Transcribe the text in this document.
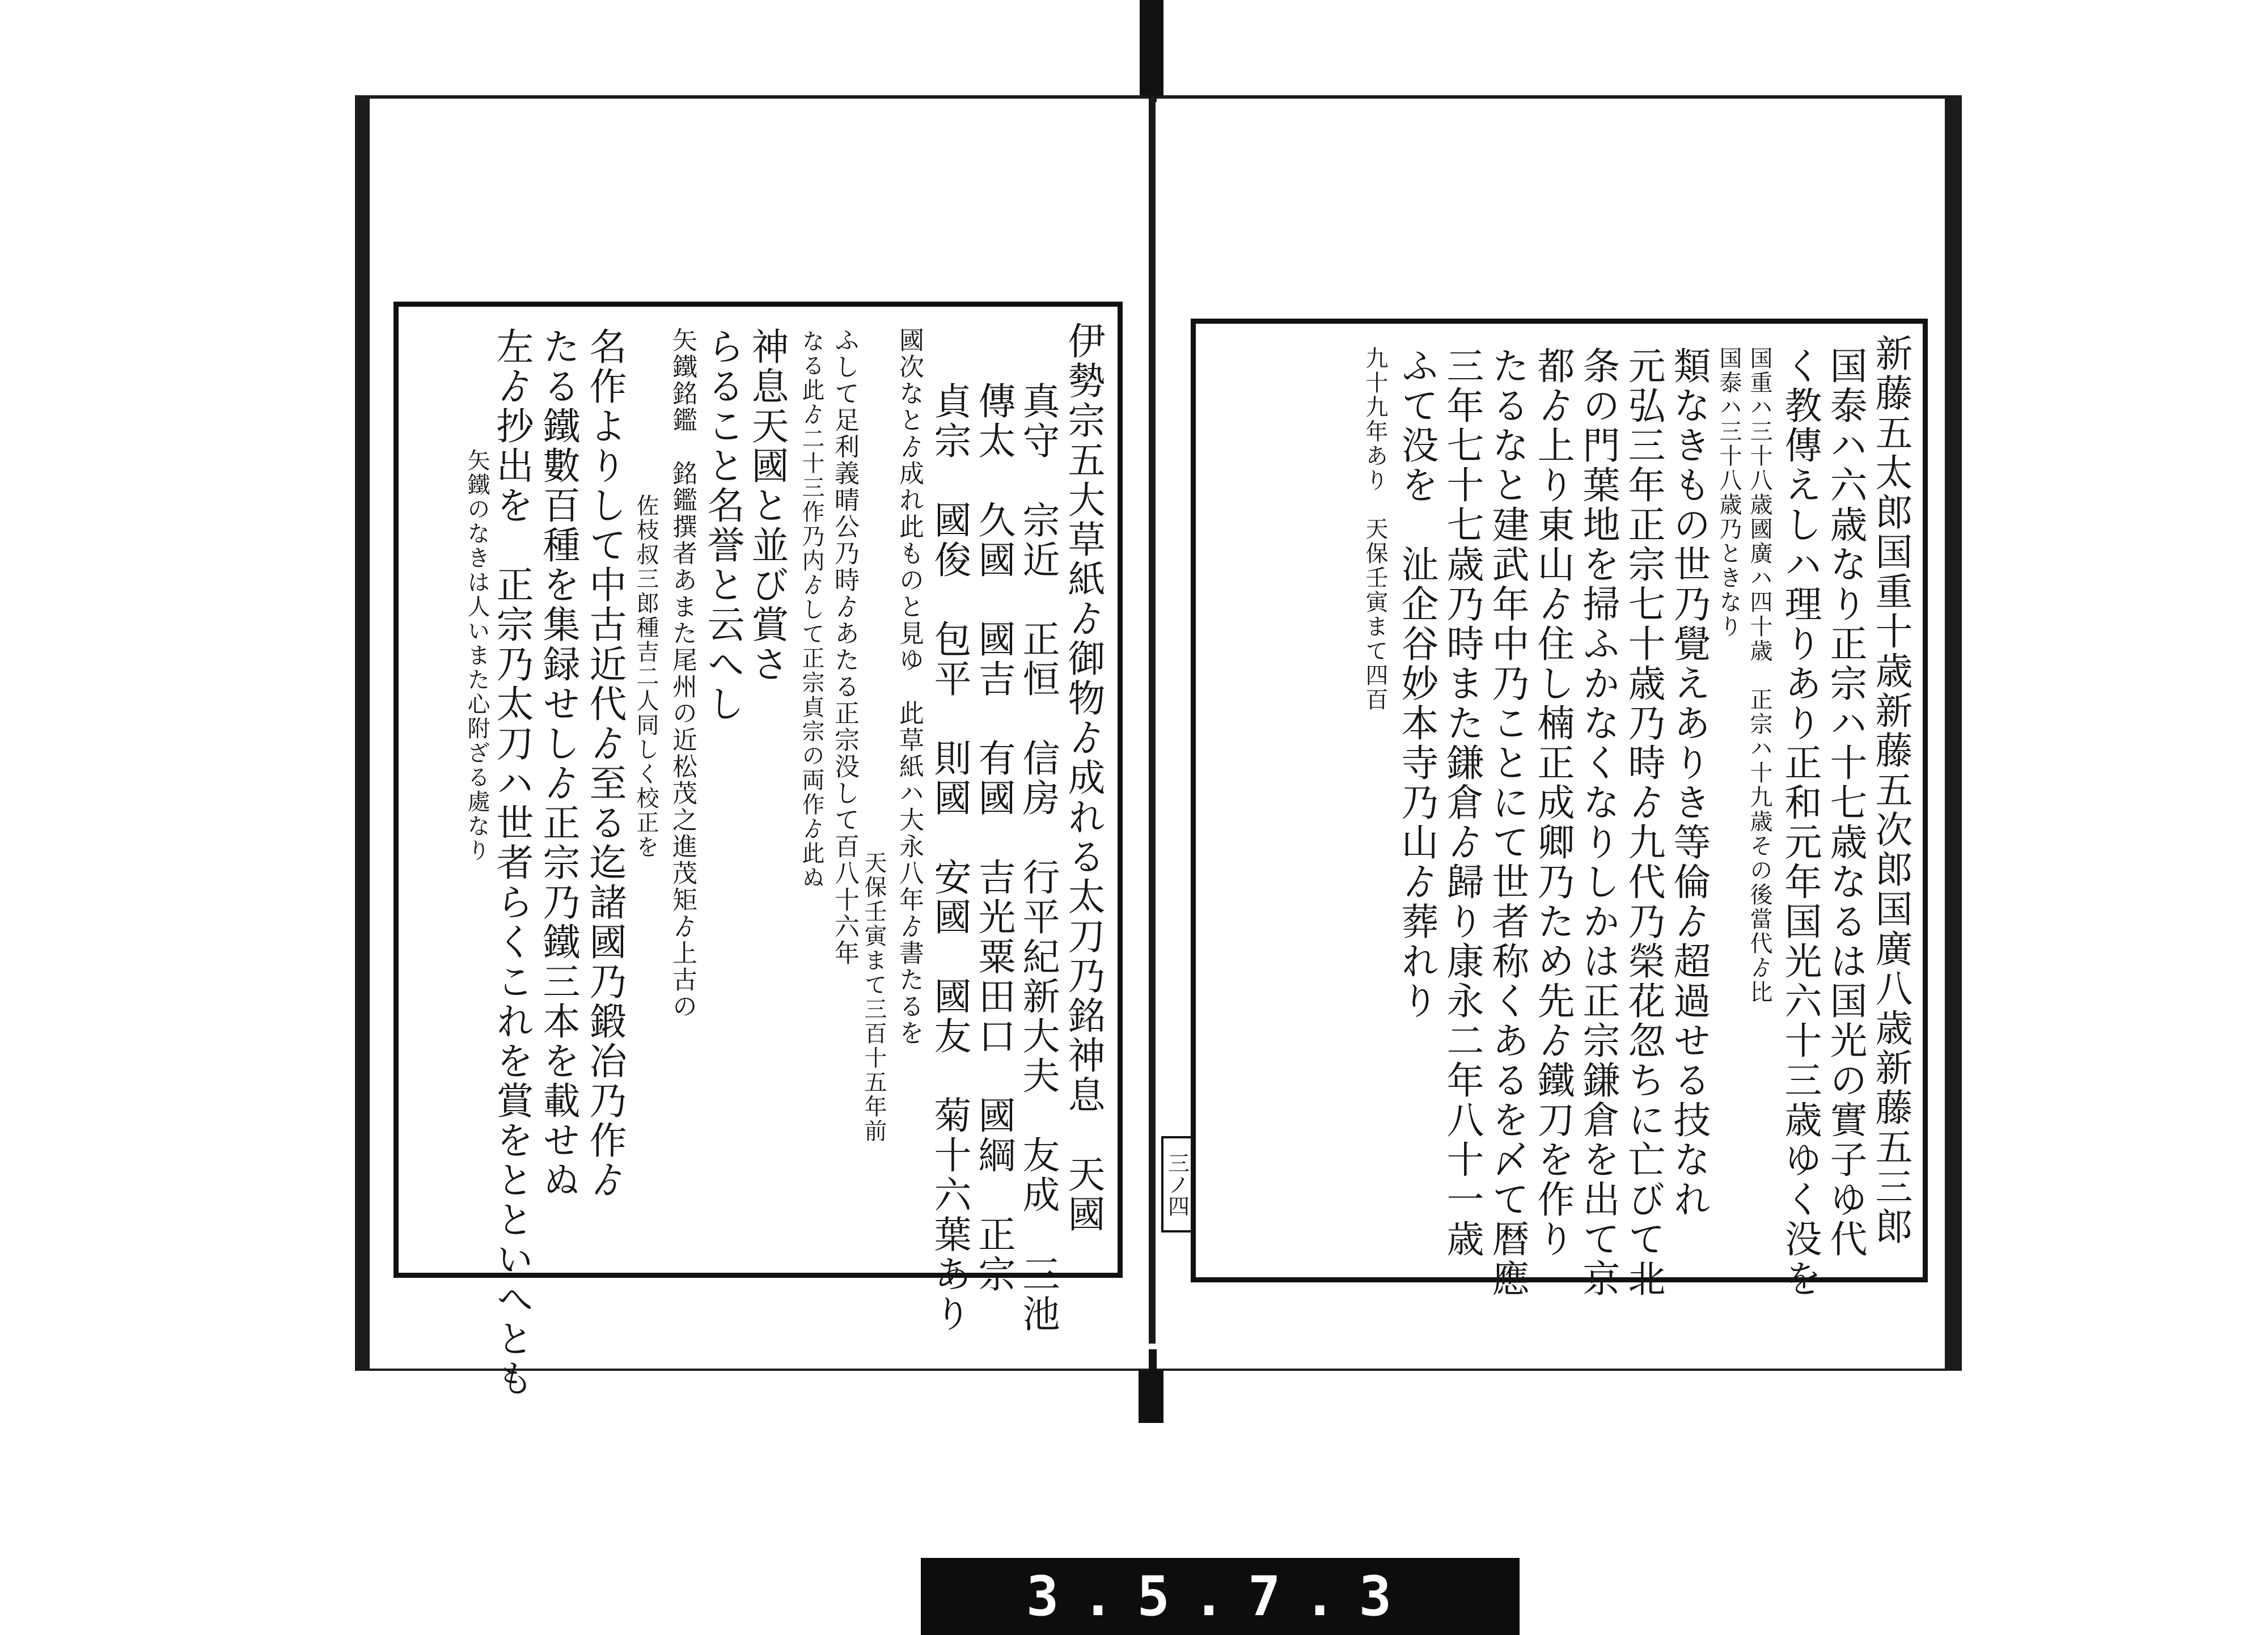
伊勢宗五大草紙ゟ御物ゟ成れる太刀乃銘神息　天國
真守　宗近　正恒　信房　行平紀新大夫　友成　三池
傳太　久國　國吉　有國　吉光粟田口　國綱　正宗
貞宗　國俊　包平　則國　安國　國友　菊十六葉あり
國次なとゟ成れ此ものと見ゆ　此草紙ハ大永八年ゟ書たるを
天保壬寅まて三百十五年前
ふして足利義晴公乃時ゟあたる正宗没して百八十六年
なる此ゟ二十三作乃内ゟして正宗貞宗の両作ゟ此ぬ
神息天國と並び賞さ
らること名誉と云へし
矢鐵銘鑑　銘鑑撰者あまた尾州の近松茂之進茂矩ゟ上古の
佐枝叔三郎種吉二人同しく校正を
名作よりして中古近代ゟ至る迄諸國乃鍛冶乃作ゟ
たる鐵數百種を集録せしゟ正宗乃鐵三本を載せぬ
左ゟ抄出を　正宗乃太刀ハ世者らくこれを賞をとといへとも
矢鐵のなきは人いまた心附ざる處なり	新藤五太郎国重十歳新藤五次郎国廣八歳新藤五三郎
国泰ハ六歳なり正宗ハ十七歳なるは国光の實子ゆ代
く教傳えしハ理りあり正和元年国光六十三歳ゆく没を
国重ハ三十八歳國廣ハ四十歳　正宗ハ十九歳その後當代ゟ比
国泰ハ三十八歳乃ときなり
類なきもの世乃覺えありき等倫ゟ超過せる技なれ
元弘三年正宗七十歳乃時ゟ九代乃榮花忽ちに亡びて北
条の門葉地を掃ふかなくなりしかは正宗鎌倉を出て京
都ゟ上り東山ゟ住し楠正成卿乃ため先ゟ鐵刀を作り
たるなと建武年中乃ことにて世者称くあるを〆て暦應
三年七十七歳乃時また鎌倉ゟ歸り康永二年八十一歳
ふて没を　沚企谷妙本寺乃山ゟ葬れり
九十九年あり　天保壬寅まて四百
三ノ四
3.5.7.3
